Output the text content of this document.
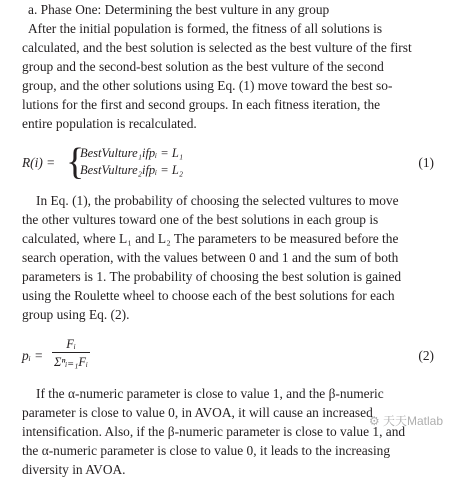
a. Phase One: Determining the best vulture in any group
After the initial population is formed, the fitness of all solutions is
calculated, and the best solution is selected as the best vulture of the first
group and the second-best solution as the best vulture of the second
group, and the other solutions using Eq. (1) move toward the best so-
lutions for the first and second groups. In each fitness iteration, the
entire population is recalculated.
R(i) = {
BestVulture₁ifpᵢ = L₁
BestVulture₂ifpᵢ = L₂	(1)
In Eq. (1), the probability of choosing the selected vultures to move
the other vultures toward one of the best solutions in each group is
calculated, where L₁ and L₂ The parameters to be measured before the
search operation, with the values between 0 and 1 and the sum of both
parameters is 1. The probability of choosing the best solution is gained
using the Roulette wheel to choose each of the best solutions for each
group using Eq. (2).
pᵢ =
Fᵢ
Σⁿᵢ₌₁Fᵢ	(2)
If the α-numeric parameter is close to value 1, and the β-numeric
parameter is close to value 0, in AVOA, it will cause an increased
intensification. Also, if the β-numeric parameter is close to value 1, and
the α-numeric parameter is close to value 0, it leads to the increasing
diversity in AVOA.
⚙ 天天Matlab
